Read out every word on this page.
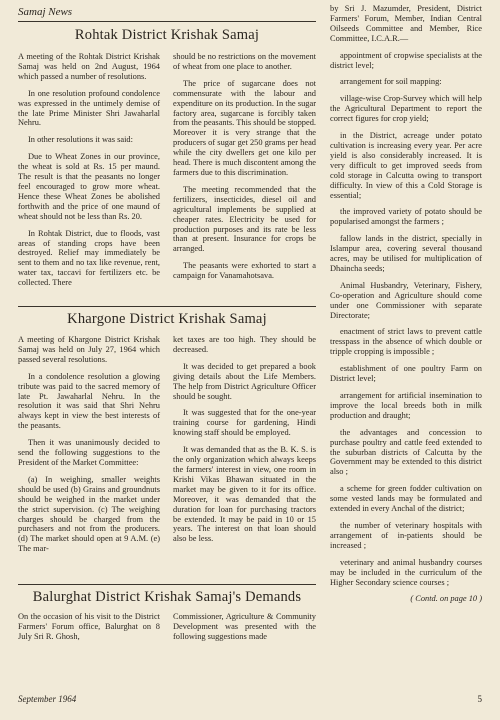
Samaj News
Rohtak District Krishak Samaj

A meeting of the Rohtak District Krishak Samaj was held on 2nd August, 1964 which passed a number of resolutions.

In one resolution profound condolence was expressed in the untimely demise of the late Prime Minister Shri Jawaharlal Nehru.

In other resolutions it was said:

Due to Wheat Zones in our province, the wheat is sold at Rs. 15 per maund. The result is that the peasants no longer feel encouraged to grow more wheat. Hence these Wheat Zones be abolished forthwith and the price of one maund of wheat should not be less than Rs. 20.

In Rohtak District, due to floods, vast areas of standing crops have been destroyed. Relief may immediately be sent to them and no tax like revenue, rent, water tax, taccavi for fertilizers etc. be collected. There

should be no restrictions on the movement of wheat from one place to another.

The price of sugarcane does not commensurate with the labour and expenditure on its production. In the sugar factory area, sugarcane is forcibly taken from the peasants. This should be stopped. Moreover it is very strange that the producers of sugar get 250 grams per head while the city dwellers get one kilo per head. There is much discontent among the farmers due to this discrimination.

The meeting recommended that the fertilizers, insecticides, diesel oil and agricultural implements be supplied at cheaper rates. Electricity be used for production purposes and its rate be less than at present. Insurance for crops be arranged.

The peasants were exhorted to start a campaign for Vanamahotsava.

Khargone District Krishak Samaj

A meeting of Khargone District Krishak Samaj was held on July 27, 1964 which passed several resolutions.

In a condolence resolution a glowing tribute was paid to the sacred memory of late Pt. Jawaharlal Nehru. In the resolution it was said that Shri Nehru always kept in view the best interests of the peasants.

Then it was unanimously decided to send the following suggestions to the President of the Market Committee:

(a) In weighing, smaller weights should be used (b) Grains and groundnuts should be weighed in the market under the strict supervision. (c) The weighing charges should be charged from the purchasers and not from the producers. (d) The market should open at 9 A.M. (e) The mar-

ket taxes are too high. They should be decreased.

It was decided to get prepared a book giving details about the Life Members. The help from District Agriculture Officer should be sought.

It was suggested that for the one-year training course for gardening, Hindi knowing staff should be employed.

It was demanded that as the B. K. S. is the only organization which always keeps the farmers' interest in view, one room in Krishi Vikas Bhawan situated in the market may be given to it for its office. Moreover, it was demanded that the duration for loan for purchasing tractors be extended. It may be paid in 10 or 15 years. The interest on that loan should also be less.

Balurghat District Krishak Samaj's Demands

On the occasion of his visit to the District Farmers' Forum office, Balurghat on 8 July Sri R. Ghosh,

Commissioner, Agriculture & Community Development was presented with the following suggestions made

by Sri J. Mazumder, President, District Farmers' Forum, Member, Indian Central Oilseeds Committee and Member, Rice Committee, I.C.A.R.—

appointment of cropwise specialists at the district level;

arrangement for soil mapping:

village-wise Crop-Survey which will help the Agricultural Department to report the correct figures for crop yield;

in the District, acreage under potato cultivation is increasing every year. Per acre yield is also considerably increased. It is very difficult to get improved seeds from cold storage in Calcutta owing to transport difficulty. In view of this a Cold Storage is essential;

the improved variety of potato should be popularised amongst the farmers ;

fallow lands in the district, specially in Islampur area, covering several thousand acres, may be utilised for multiplication of Dhaincha seeds;

Animal Husbandry, Veterinary, Fishery, Co-operation and Agriculture should come under one Commissioner with separate Directorate;

enactment of strict laws to prevent cattle tresspass in the absence of which double or tripple cropping is impossible ;

establishment of one poultry Farm on District level;

arrangement for artificial insemination to improve the local breeds both in milk production and draught;

the advantages and concession to purchase poultry and cattle feed extended to the suburban districts of Calcutta by the Government may be extended to this district also ;

a scheme for green fodder cultivation on some vested lands may be formulated and extended in every Anchal of the district;

the number of veterinary hospitals with arrangement of in-patients should be increased ;

veterinary and animal husbandry courses may be included in the curriculum of the Higher Secondary science courses ;

( Contd. on page 10 )

September 1964	5
